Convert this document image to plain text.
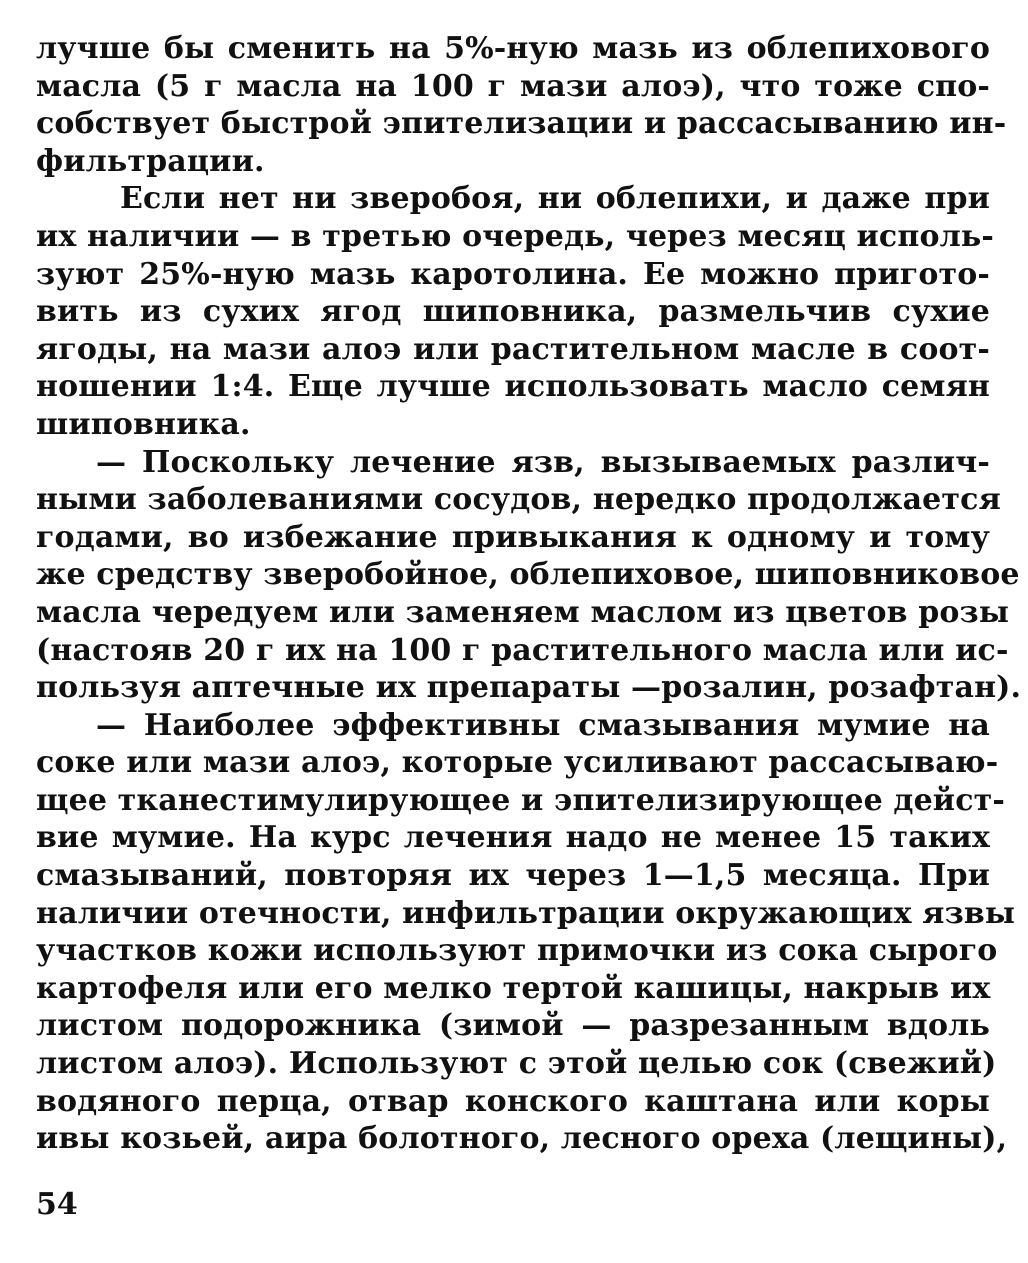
лучше бы сменить на 5%-ную мазь из облепихового
масла (5 г масла на 100 г мази алоэ), что тоже спо-
собствует быстрой эпителизации и рассасыванию ин-
фильтрации.

Если нет ни зверобоя, ни облепихи, и даже при
их наличии — в третью очередь, через месяц исполь-
зуют 25%-ную мазь каротолина. Ее можно пригото-
вить из сухих ягод шиповника, размельчив сухие
ягоды, на мази алоэ или растительном масле в соот-
ношении 1:4. Еще лучше использовать масло семян
шиповника.

— Поскольку лечение язв, вызываемых различ-
ными заболеваниями сосудов, нередко продолжается
годами, во избежание привыкания к одному и тому
же средству зверобойное, облепиховое, шиповниковое
масла чередуем или заменяем маслом из цветов розы
(настояв 20 г их на 100 г растительного масла или ис-
пользуя аптечные их препараты —розалин, розафтан).

— Наиболее эффективны смазывания мумие на
соке или мази алоэ, которые усиливают рассасываю-
щее тканестимулирующее и эпителизирующее дейст-
вие мумие. На курс лечения надо не менее 15 таких
смазываний, повторяя их через 1—1,5 месяца. При
наличии отечности, инфильтрации окружающих язвы
участков кожи используют примочки из сока сырого
картофеля или его мелко тертой кашицы, накрыв их
листом подорожника (зимой — разрезанным вдоль
листом алоэ). Используют с этой целью сок (свежий)
водяного перца, отвар конского каштана или коры
ивы козьей, аира болотного, лесного ореха (лещины),

54
